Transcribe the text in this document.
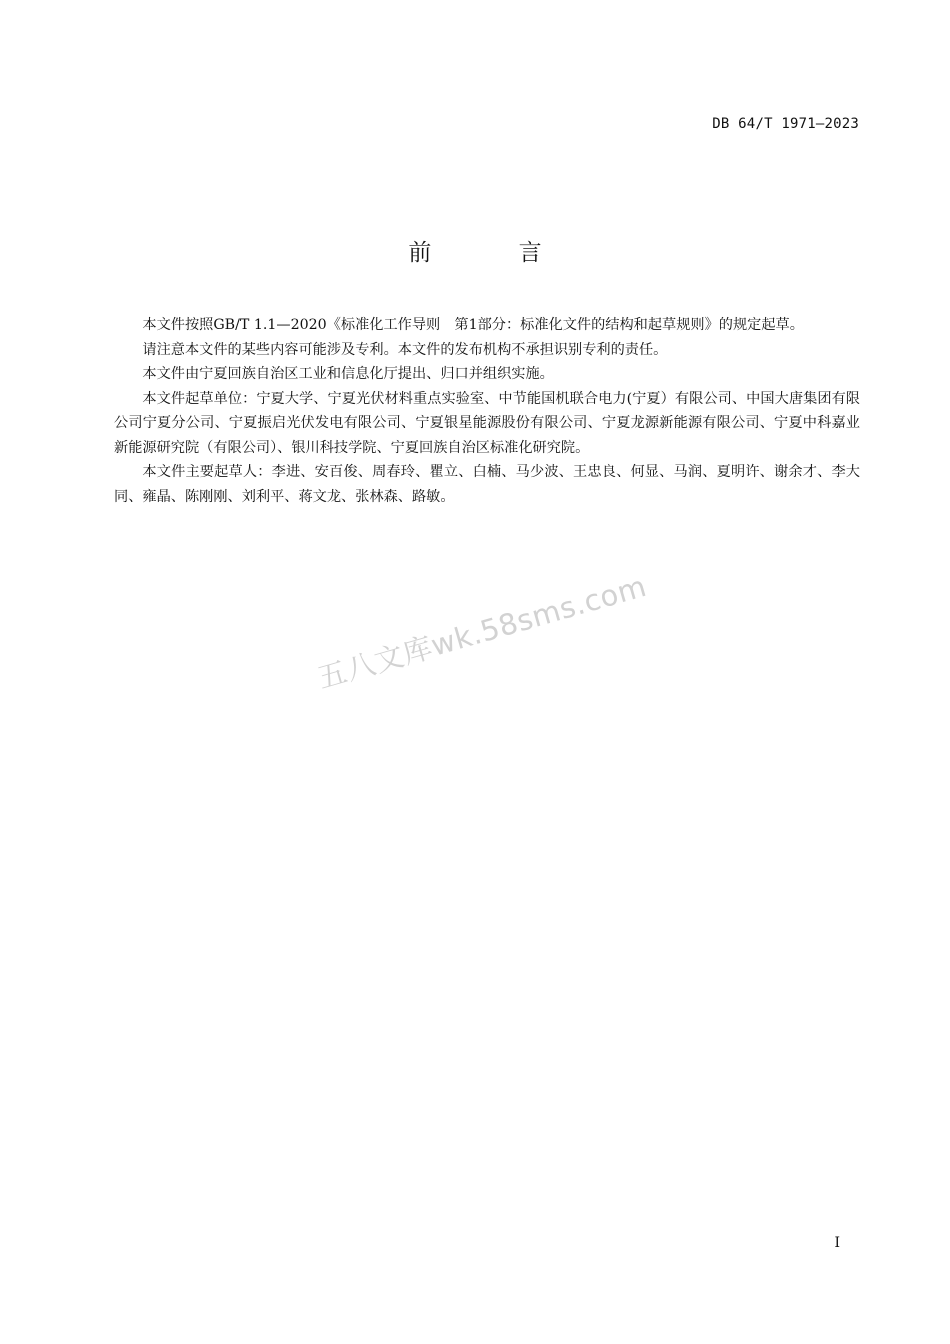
DB 64/T 1971—2023
前 言

本文件按照GB/T 1.1—2020《标准化工作导则　第1部分：标准化文件的结构和起草规则》的规定起草。

请注意本文件的某些内容可能涉及专利。本文件的发布机构不承担识别专利的责任。

本文件由宁夏回族自治区工业和信息化厅提出、归口并组织实施。

本文件起草单位：宁夏大学、宁夏光伏材料重点实验室、中节能国机联合电力(宁夏）有限公司、中国大唐集团有限公司宁夏分公司、宁夏振启光伏发电有限公司、宁夏银星能源股份有限公司、宁夏龙源新能源有限公司、宁夏中科嘉业新能源研究院（有限公司）、银川科技学院、宁夏回族自治区标准化研究院。

本文件主要起草人：李进、安百俊、周春玲、瞿立、白楠、马少波、王忠良、何显、马润、夏明许、谢余才、李大同、雍晶、陈刚刚、刘利平、蒋文龙、张林森、路敏。

五八文库wk.58sms.com
I
